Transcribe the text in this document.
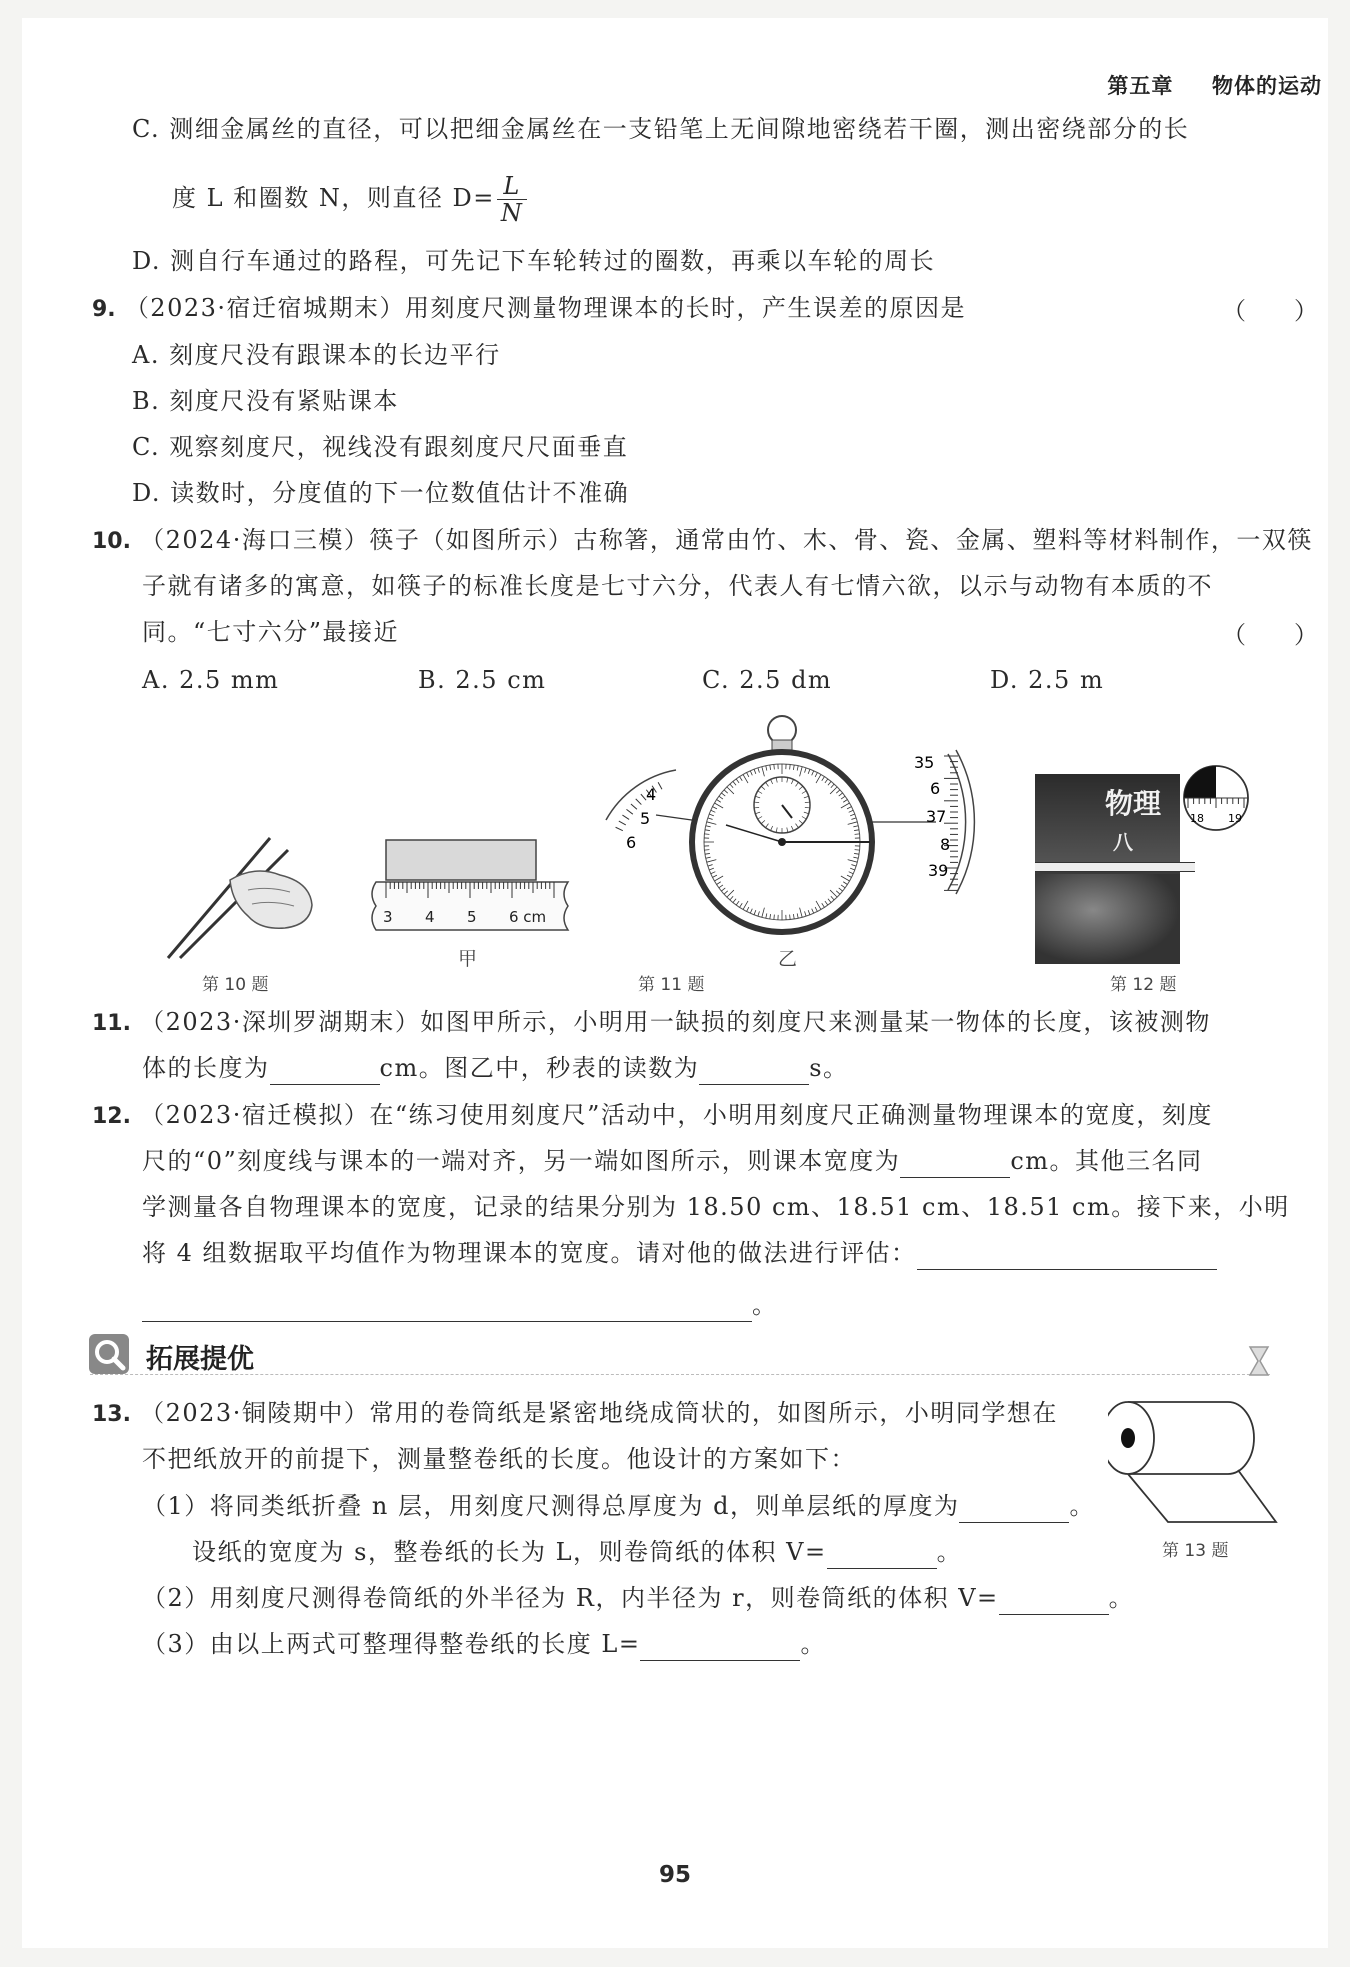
第五章 物体的运动
C. 测细金属丝的直径，可以把细金属丝在一支铅笔上无间隙地密绕若干圈，测出密绕部分的长
度 L 和圈数 N，则直径 $D= \frac{L}{N}$
D. 测自行车通过的路程，可先记下车轮转过的圈数，再乘以车轮的周长
9. （2023·宿迁宿城期末）用刻度尺测量物理课本的长时，产生误差的原因是	（　　）
A. 刻度尺没有跟课本的长边平行
B. 刻度尺没有紧贴课本
C. 观察刻度尺，视线没有跟刻度尺尺面垂直
D. 读数时，分度值的下一位数值估计不准确
10. （2024·海口三模）筷子（如图所示）古称箸，通常由竹、木、骨、瓷、金属、塑料等材料制作，一双筷
子就有诸多的寓意，如筷子的标准长度是七寸六分，代表人有七情六欲，以示与动物有本质的不
同。“七寸六分”最接近	（　　）
A. 2.5 mm	B. 2.5 cm	C. 2.5 dm	D. 2.5 m
第 10 题
3 4 5 6 cm
甲
4
5
6
35
6
37
8
39
乙
第 11 题
物理
八
18 19
第 12 题
11. （2023·深圳罗湖期末）如图甲所示，小明用一缺损的刻度尺来测量某一物体的长度，该被测物
体的长度为	cm。图乙中，秒表的读数为	s。
12. （2023·宿迁模拟）在“练习使用刻度尺”活动中，小明用刻度尺正确测量物理课本的宽度，刻度
尺的“0”刻度线与课本的一端对齐，另一端如图所示，则课本宽度为	cm。其他三名同
学测量各自物理课本的宽度，记录的结果分别为 18.50 cm、18.51 cm、18.51 cm。接下来，小明
将 4 组数据取平均值作为物理课本的宽度。请对他的做法进行评估：
。
拓展提优
13. （2023·铜陵期中）常用的卷筒纸是紧密地绕成筒状的，如图所示，小明同学想在
不把纸放开的前提下，测量整卷纸的长度。他设计的方案如下：
（1）将同类纸折叠 n 层，用刻度尺测得总厚度为 d，则单层纸的厚度为	。
设纸的宽度为 s，整卷纸的长为 L，则卷筒纸的体积 V=	。
（2）用刻度尺测得卷筒纸的外半径为 R，内半径为 r，则卷筒纸的体积 V=	。
（3）由以上两式可整理得整卷纸的长度 L=	。
第 13 题
95
